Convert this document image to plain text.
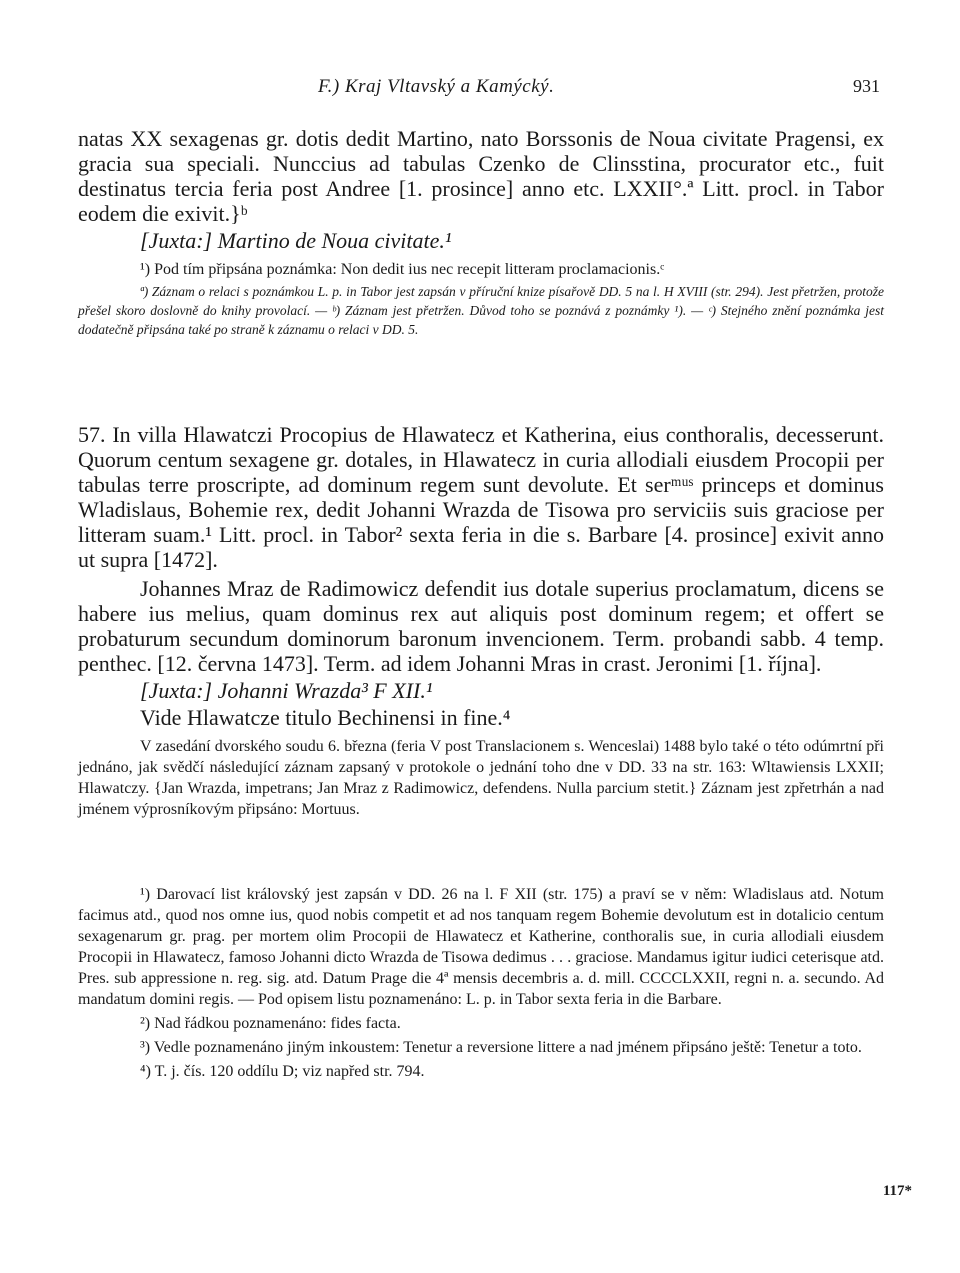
F.) Kraj Vltavský a Kamýcký.	931

natas XX sexagenas gr. dotis dedit Martino, nato Borssonis de Noua civitate Pragensi, ex gracia sua speciali. Nunccius ad tabulas Czenko de Clinsstina, procurator etc., fuit destinatus tercia feria post Andree [1. prosince] anno etc. LXXII°.ª Litt. procl. in Tabor eodem die exivit.}ᵇ

[Juxta:] Martino de Noua civitate.¹

¹) Pod tím připsána poznámka: Non dedit ius nec recepit litteram proclamacionis.ᶜ

ª) Záznam o relaci s poznámkou L. p. in Tabor jest zapsán v příruční knize písařově DD. 5 na l. H XVIII (str. 294). Jest přetržen, protože přešel skoro doslovně do knihy provolací. — ᵇ) Záznam jest přetržen. Důvod toho se poznává z poznámky ¹). — ᶜ) Stejného znění poznámka jest dodatečně připsána také po straně k záznamu o relaci v DD. 5.

57. In villa Hlawatczi Procopius de Hlawatecz et Katherina, eius conthoralis, decesserunt. Quorum centum sexagene gr. dotales, in Hlawatecz in curia allodiali eiusdem Procopii per tabulas terre proscripte, ad dominum regem sunt devolute. Et serᵐᵘˢ princeps et dominus Wladislaus, Bohemie rex, dedit Johanni Wrazda de Tisowa pro serviciis suis graciose per litteram suam.¹ Litt. procl. in Tabor² sexta feria in die s. Barbare [4. prosince] exivit anno ut supra [1472].

Johannes Mraz de Radimowicz defendit ius dotale superius proclamatum, dicens se habere ius melius, quam dominus rex aut aliquis post dominum regem; et offert se probaturum secundum dominorum baronum invencionem. Term. probandi sabb. 4 temp. penthec. [12. června 1473]. Term. ad idem Johanni Mras in crast. Jeronimi [1. října].

[Juxta:] Johanni Wrazda³ F XII.¹

Vide Hlawatcze titulo Bechinensi in fine.⁴

V zasedání dvorského soudu 6. března (feria V post Translacionem s. Wenceslai) 1488 bylo také o této odúmrtní při jednáno, jak svědčí následující záznam zapsaný v protokole o jednání toho dne v DD. 33 na str. 163: Wltawiensis LXXII; Hlawatczy. {Jan Wrazda, impetrans; Jan Mraz z Radimowicz, defendens. Nulla parcium stetit.} Záznam jest zpřetrhán a nad jménem výprosníkovým připsáno: Mortuus.

¹) Darovací list královský jest zapsán v DD. 26 na l. F XII (str. 175) a praví se v něm: Wladislaus atd. Notum facimus atd., quod nos omne ius, quod nobis competit et ad nos tanquam regem Bohemie devolutum est in dotalicio centum sexagenarum gr. prag. per mortem olim Procopii de Hlawatecz et Katherine, conthoralis sue, in curia allodiali eiusdem Procopii in Hlawatecz, famoso Johanni dicto Wrazda de Tisowa dedimus . . . graciose. Mandamus igitur iudici ceterisque atd. Pres. sub appressione n. reg. sig. atd. Datum Prage die 4ª mensis decembris a. d. mill. CCCCLXXII, regni n. a. secundo. Ad mandatum domini regis. — Pod opisem listu poznamenáno: L. p. in Tabor sexta feria in die Barbare.

²) Nad řádkou poznamenáno: fides facta.

³) Vedle poznamenáno jiným inkoustem: Tenetur a reversione littere a nad jménem připsáno ještě: Tenetur a toto.

⁴) T. j. čís. 120 oddílu D; viz napřed str. 794.

117*
